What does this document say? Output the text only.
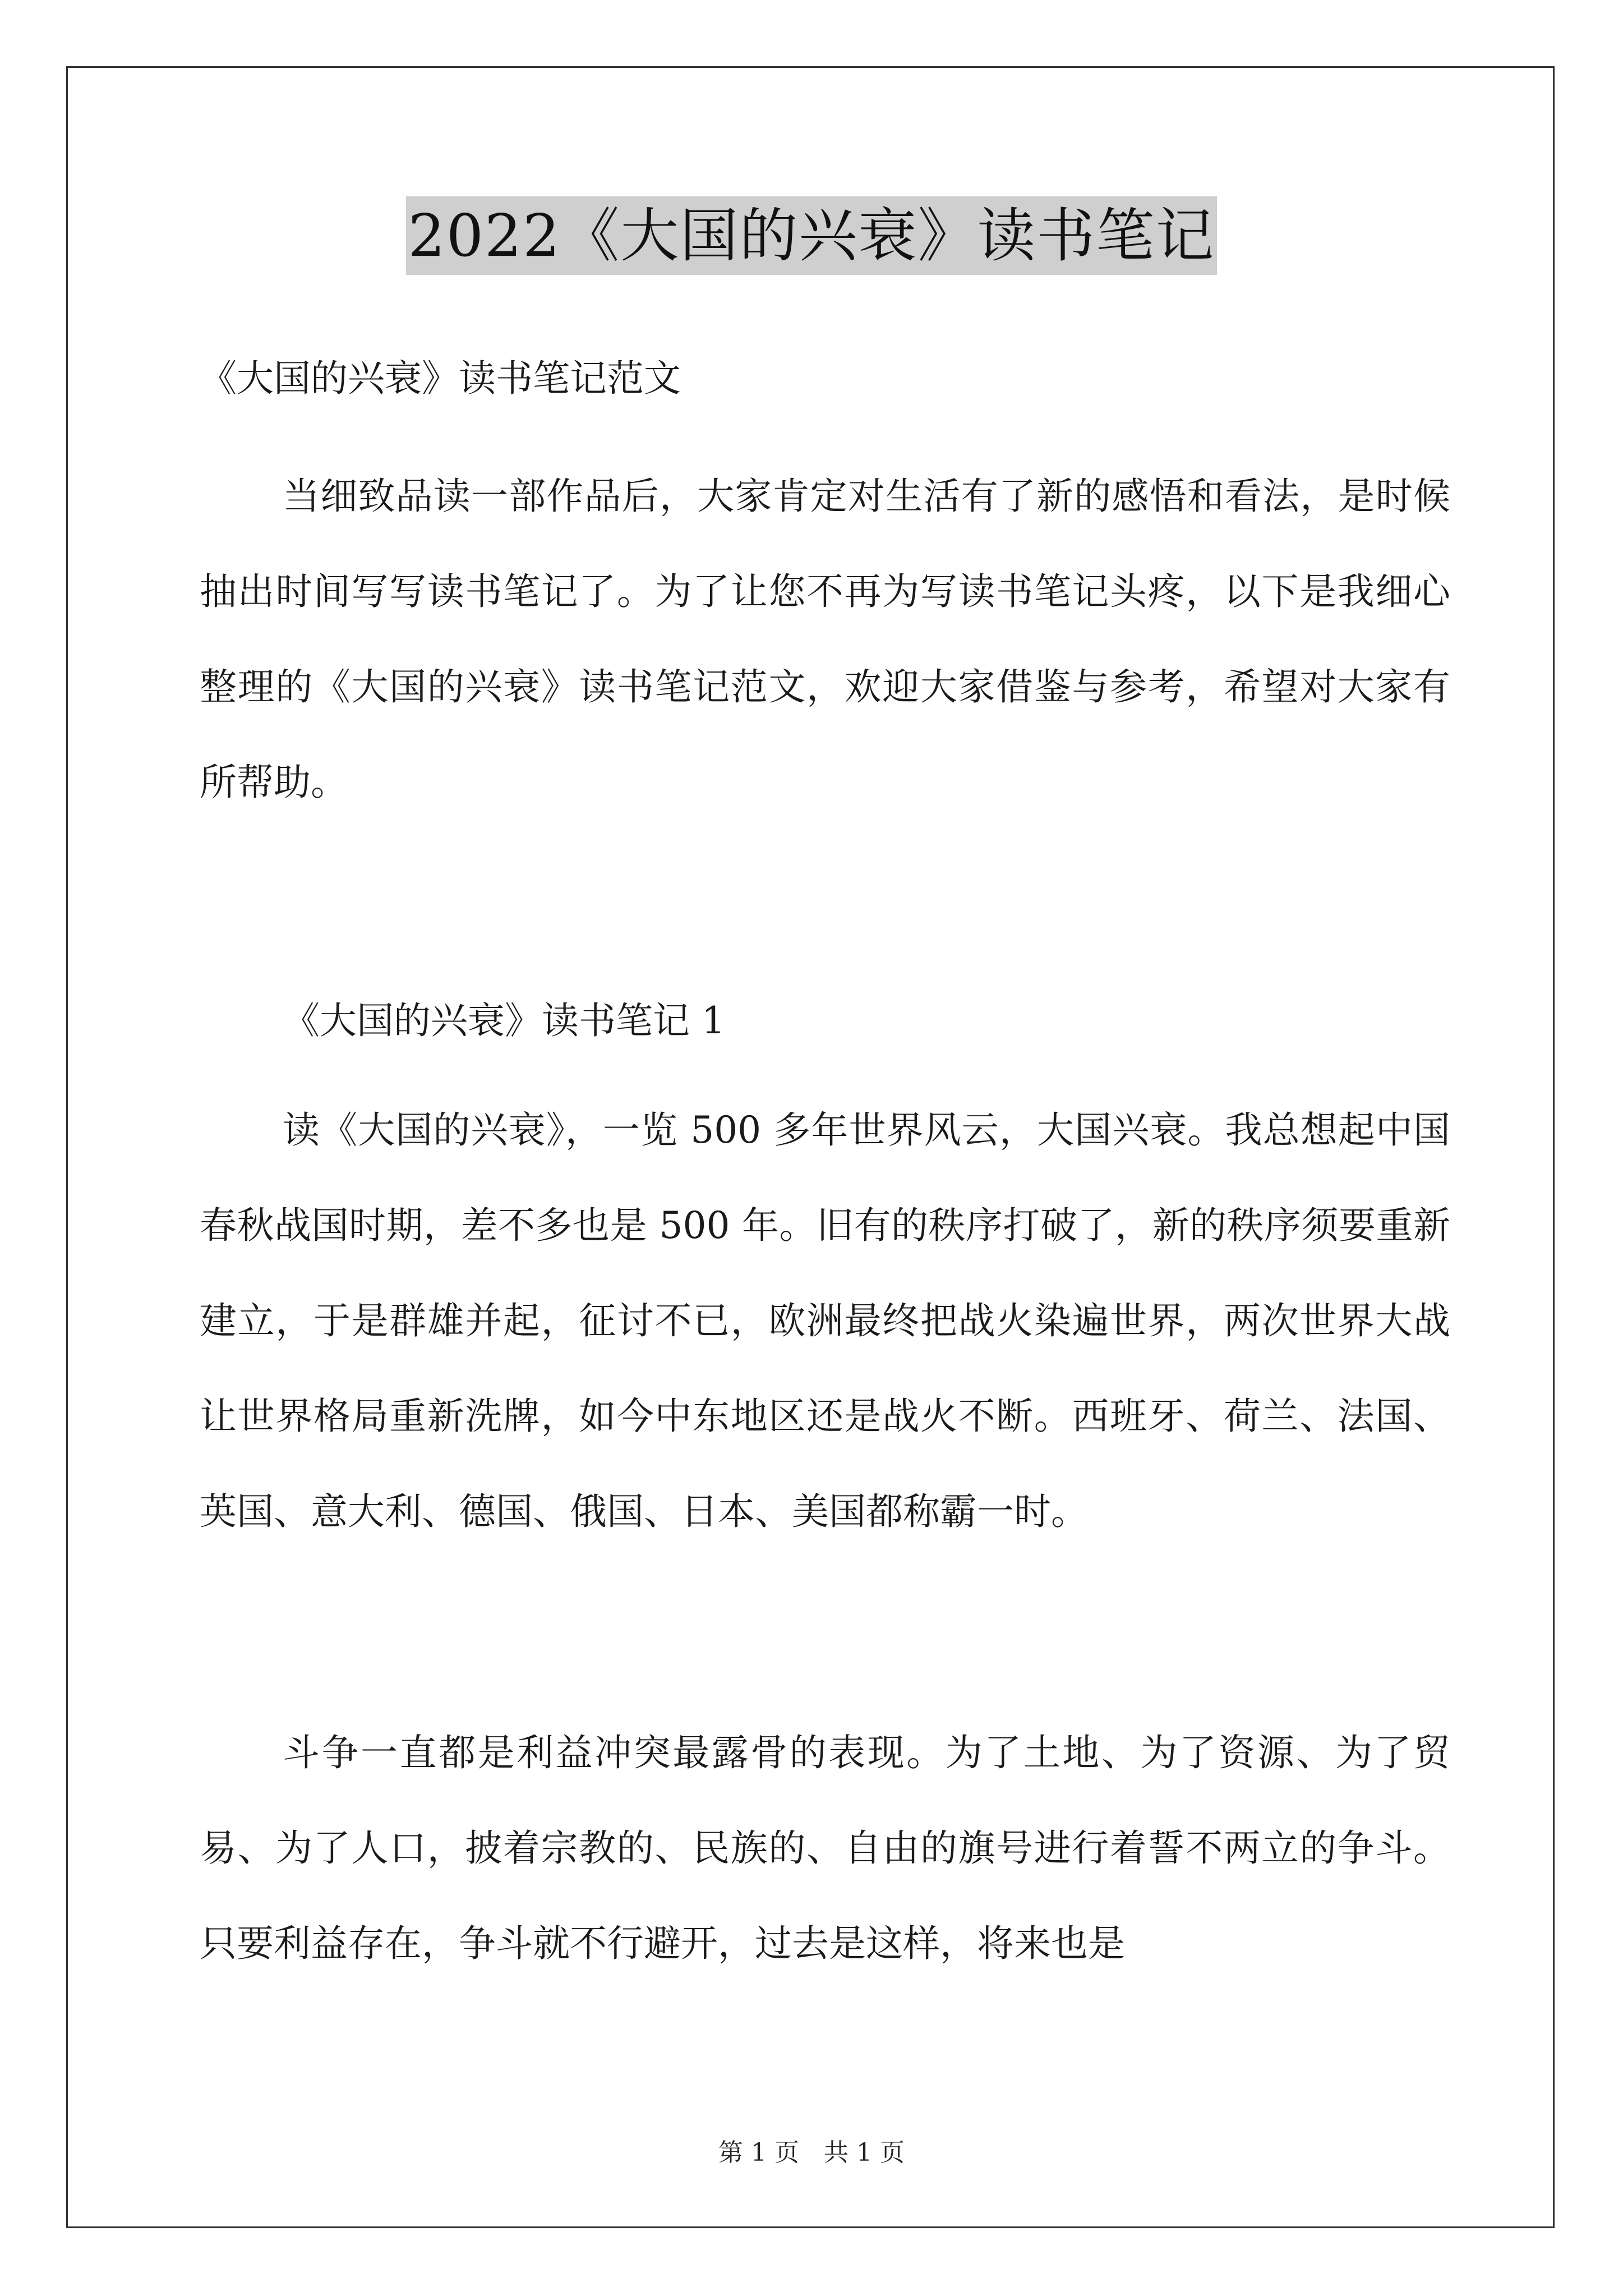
2022《大国的兴衰》读书笔记
《大国的兴衰》读书笔记范文
当细致品读一部作品后，大家肯定对生活有了新的感悟和看法，是时候抽出时间写写读书笔记了。为了让您不再为写读书笔记头疼，以下是我细心整理的《大国的兴衰》读书笔记范文，欢迎大家借鉴与参考，希望对大家有所帮助。
《大国的兴衰》读书笔记 1
读《大国的兴衰》，一览 500 多年世界风云，大国兴衰。我总想起中国春秋战国时期，差不多也是 500 年。旧有的秩序打破了，新的秩序须要重新建立，于是群雄并起，征讨不已，欧洲最终把战火染遍世界，两次世界大战让世界格局重新洗牌，如今中东地区还是战火不断。西班牙、荷兰、法国、英国、意大利、德国、俄国、日本、美国都称霸一时。
斗争一直都是利益冲突最露骨的表现。为了土地、为了资源、为了贸易、为了人口，披着宗教的、民族的、自由的旗号进行着誓不两立的争斗。只要利益存在，争斗就不行避开，过去是这样，将来也是
第 1 页　共 1 页
